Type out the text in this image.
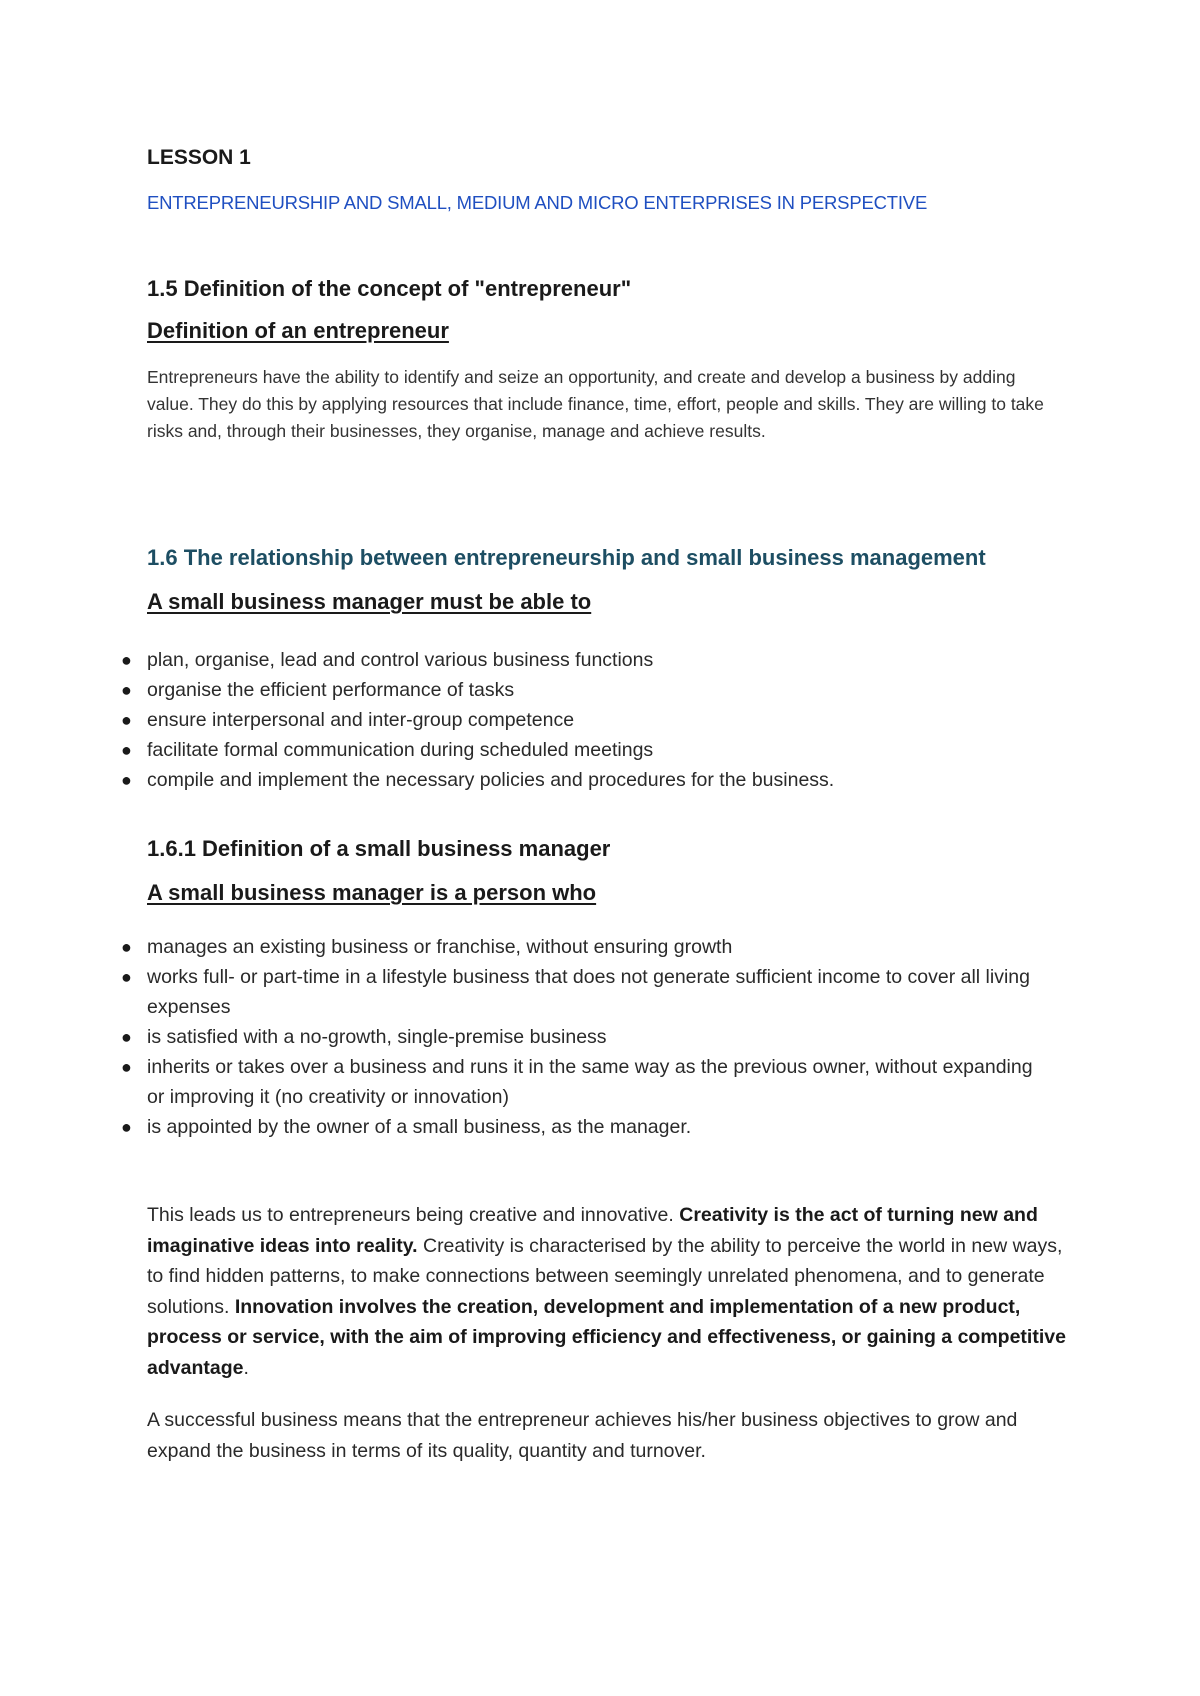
LESSON 1
ENTREPRENEURSHIP AND SMALL, MEDIUM AND MICRO ENTERPRISES IN PERSPECTIVE
1.5 Definition of the concept of "entrepreneur"
Definition of an entrepreneur

Entrepreneurs have the ability to identify and seize an opportunity, and create and develop a business by adding value. They do this by applying resources that include finance, time, effort, people and skills. They are willing to take risks and, through their businesses, they organise, manage and achieve results.

1.6 The relationship between entrepreneurship and small business management
A small business manager must be able to
● plan, organise, lead and control various business functions
● organise the efficient performance of tasks
● ensure interpersonal and inter-group competence
● facilitate formal communication during scheduled meetings
● compile and implement the necessary policies and procedures for the business.
1.6.1 Definition of a small business manager
A small business manager is a person who
● manages an existing business or franchise, without ensuring growth
● works full- or part-time in a lifestyle business that does not generate sufficient income to cover all living expenses
● is satisfied with a no-growth, single-premise business
● inherits or takes over a business and runs it in the same way as the previous owner, without expanding or improving it (no creativity or innovation)
● is appointed by the owner of a small business, as the manager.

This leads us to entrepreneurs being creative and innovative. Creativity is the act of turning new and imaginative ideas into reality. Creativity is characterised by the ability to perceive the world in new ways, to find hidden patterns, to make connections between seemingly unrelated phenomena, and to generate solutions. Innovation involves the creation, development and implementation of a new product, process or service, with the aim of improving efficiency and effectiveness, or gaining a competitive advantage.

A successful business means that the entrepreneur achieves his/her business objectives to grow and expand the business in terms of its quality, quantity and turnover.
